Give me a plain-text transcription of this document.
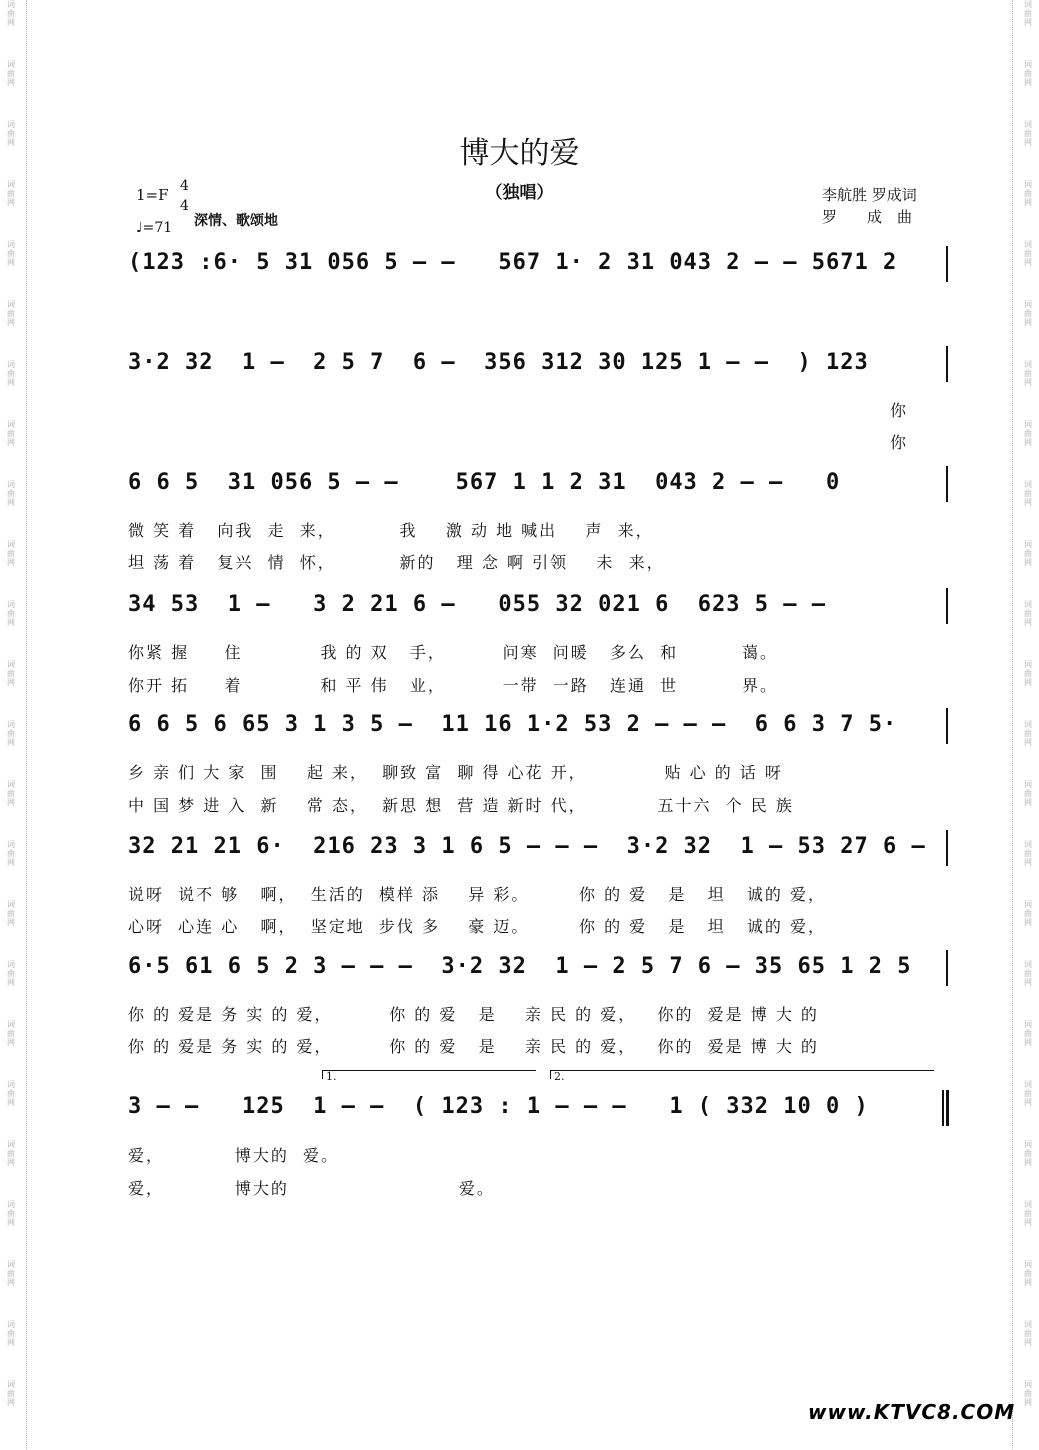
词曲网
词曲网
词曲网
词曲网
词曲网
词曲网
词曲网
词曲网
词曲网
词曲网
词曲网
词曲网
词曲网
词曲网
词曲网
词曲网
词曲网
词曲网
词曲网
词曲网
词曲网
词曲网
词曲网
词曲网
词曲网
词曲网
词曲网
词曲网
词曲网
词曲网
词曲网
词曲网
词曲网
词曲网
词曲网
词曲网
词曲网
词曲网
词曲网
词曲网
词曲网
词曲网
词曲网
词曲网
词曲网
词曲网
词曲网
词曲网
博大的爱
（独唱）
1=F 4
4
♩=71 深情、歌颂地
李航胜 罗成词
罗　　成　曲
(123 :6· 5 31 056 5 – –   567 1· 2 31 043 2 – – 5671 2
3·2 32  1 –  2 5 7  6 –  356 312 30 125 1 – –  ) 123
你
你
6 6 5  31 056 5 – –    567 1 1 2 31  043 2 – –   0
微 笑 着   向我  走  来，         我    激 动 地 喊出    声  来，
坦 荡 着   复兴  情  怀，         新的   理 念 啊 引领    未  来，
34 53  1 –   3 2 21 6 –   055 32 021 6  623 5 – –
你紧 握     住           我 的 双   手，        问寒  问暖   多么  和         蔼。
你开 拓     着           和 平 伟   业，        一带  一路   连通  世         界。
6 6 5 6 65 3 1 3 5 –  11 16 1·2 53 2 – – –  6 6 3 7 5·
乡 亲 们 大 家  围    起 来，  聊致 富  聊 得 心花 开，           贴 心 的 话 呀
中 国 梦 进 入  新    常 态，  新思 想  营 造 新时 代，          五十六  个 民 族
32 21 21 6·  216 23 3 1 6 5 – – –  3·2 32  1 – 53 27 6 –
说呀  说不 够   啊，  生活的  模样 添    异 彩。       你 的 爱   是   坦   诚的 爱，
心呀  心连 心   啊，  坚定地  步伐 多    豪 迈。       你 的 爱   是   坦   诚的 爱，
6·5 61 6 5 2 3 – – –  3·2 32  1 – 2 5 7 6 – 35 65 1 2 5
你 的 爱是 务 实 的 爱，        你 的 爱   是    亲 民 的 爱，   你的  爱是 博 大 的
你 的 爱是 务 实 的 爱，        你 的 爱   是    亲 民 的 爱，   你的  爱是 博 大 的
1.	2.
3 – –   125  1 – –  ( 123 : 1 – – –   1 ( 332 10 0 )
爱，          博大的  爱。
爱，          博大的                        爱。
www.KTVC8.COM
